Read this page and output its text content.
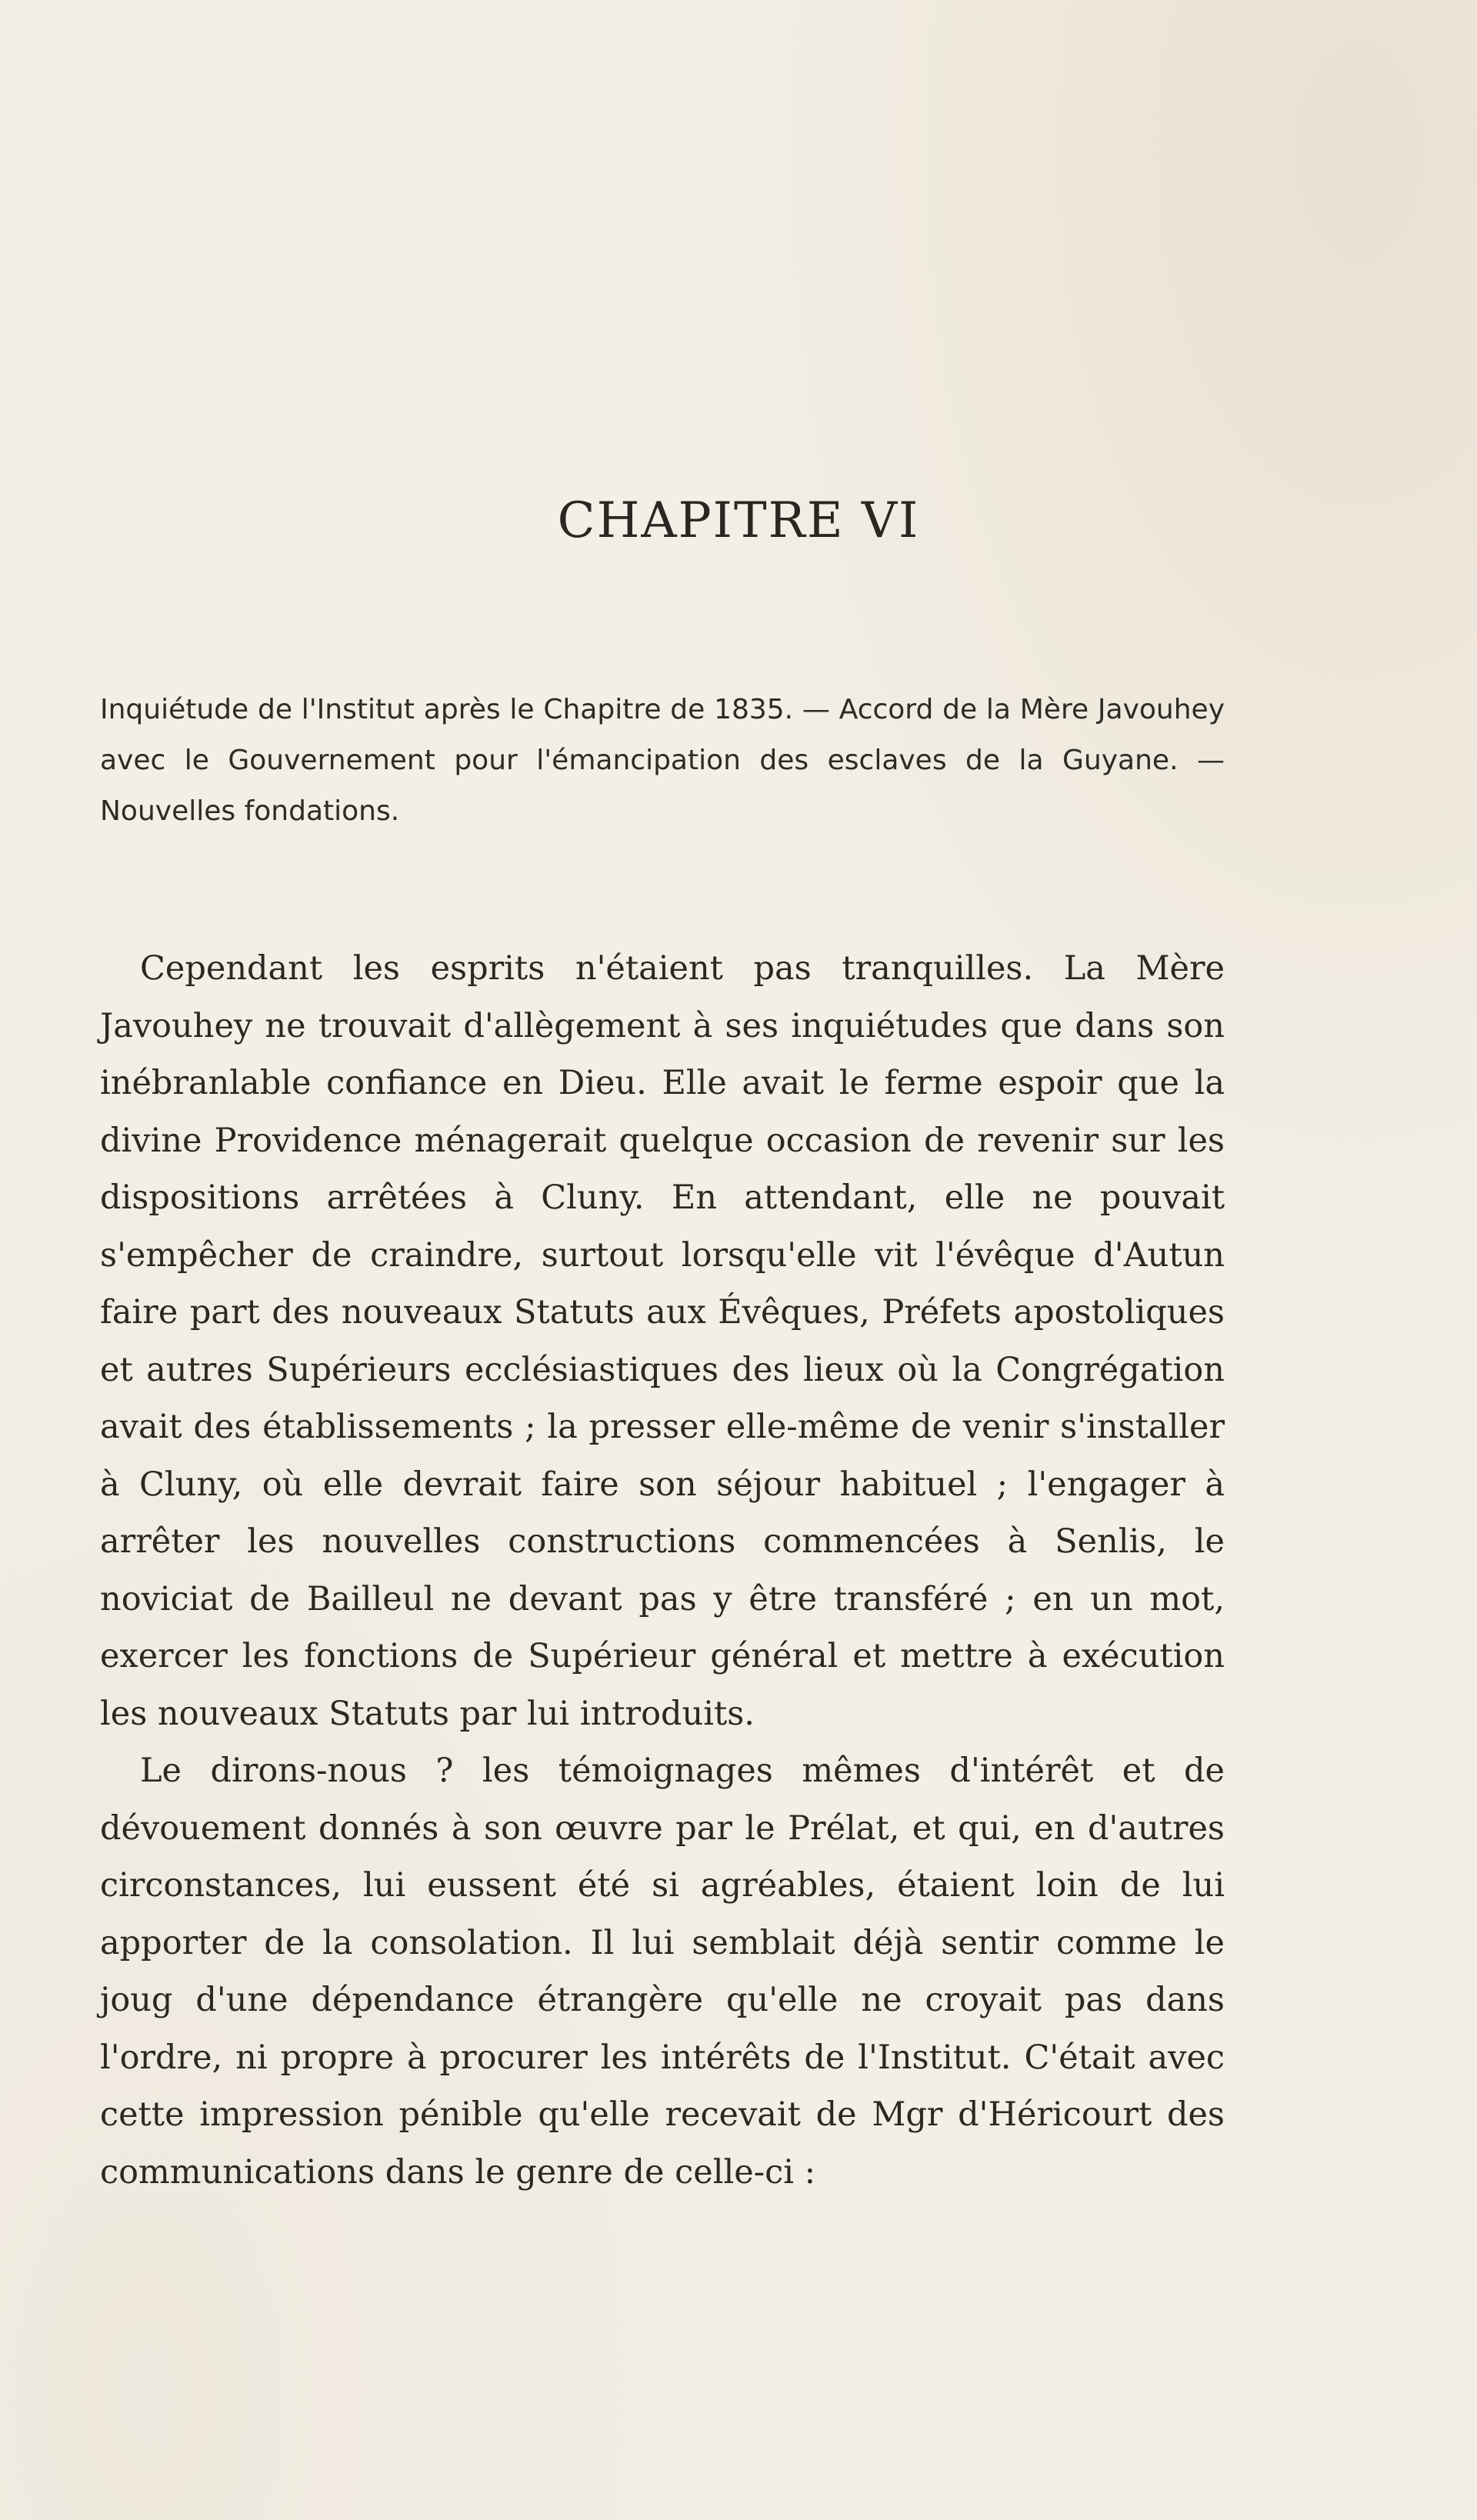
CHAPITRE VI

Inquiétude de l'Institut après le Chapitre de 1835. — Accord de la Mère Javouhey avec le Gouvernement pour l'émancipation des esclaves de la Guyane. — Nouvelles fondations.

Cependant les esprits n'étaient pas tranquilles. La Mère Javouhey ne trouvait d'allègement à ses inquiétudes que dans son inébranlable confiance en Dieu. Elle avait le ferme espoir que la divine Providence ménagerait quelque occasion de revenir sur les dispositions arrêtées à Cluny. En attendant, elle ne pouvait s'empêcher de craindre, surtout lorsqu'elle vit l'évêque d'Autun faire part des nouveaux Statuts aux Évêques, Préfets apostoliques et autres Supérieurs ecclésiastiques des lieux où la Congrégation avait des établissements ; la presser elle-même de venir s'installer à Cluny, où elle devrait faire son séjour habituel ; l'engager à arrêter les nouvelles constructions commencées à Senlis, le noviciat de Bailleul ne devant pas y être transféré ; en un mot, exercer les fonctions de Supérieur général et mettre à exécution les nouveaux Statuts par lui introduits.

Le dirons-nous ? les témoignages mêmes d'intérêt et de dévouement donnés à son œuvre par le Prélat, et qui, en d'autres circonstances, lui eussent été si agréables, étaient loin de lui apporter de la consolation. Il lui semblait déjà sentir comme le joug d'une dépendance étrangère qu'elle ne croyait pas dans l'ordre, ni propre à procurer les intérêts de l'Institut. C'était avec cette impression pénible qu'elle recevait de Mgr d'Héricourt des communications dans le genre de celle-ci :
